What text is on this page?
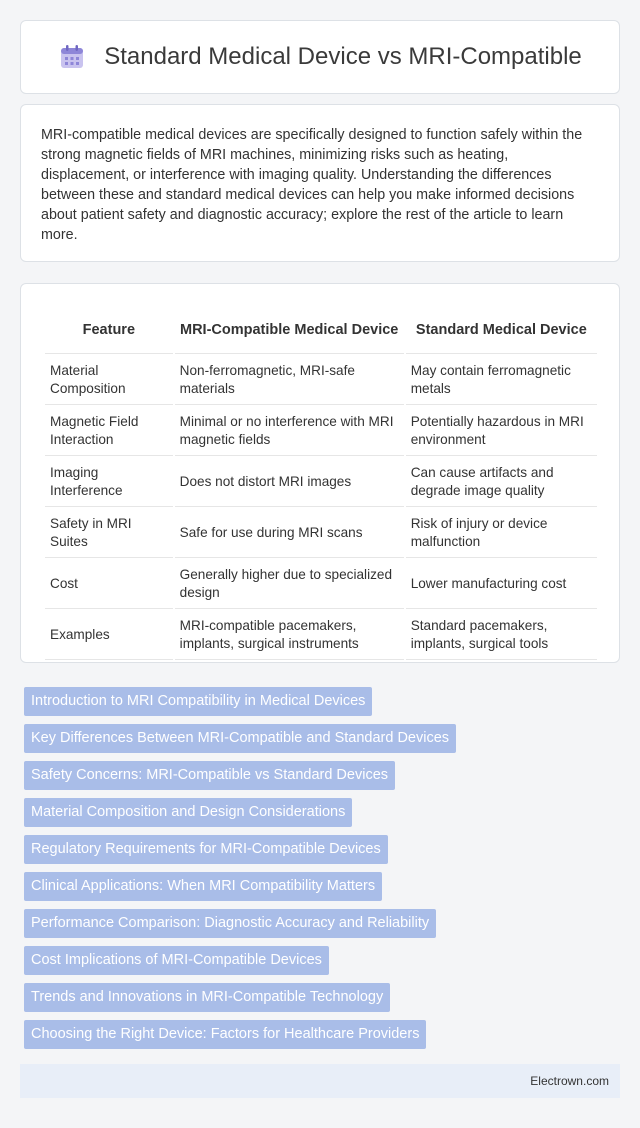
Standard Medical Device vs MRI-Compatible

MRI-compatible medical devices are specifically designed to function safely within the strong magnetic fields of MRI machines, minimizing risks such as heating, displacement, or interference with imaging quality. Understanding the differences between these and standard medical devices can help you make informed decisions about patient safety and diagnostic accuracy; explore the rest of the article to learn more.

Feature	MRI-Compatible Medical Device	Standard Medical Device
Material Composition	Non-ferromagnetic, MRI-safe materials	May contain ferromagnetic metals
Magnetic Field Interaction	Minimal or no interference with MRI magnetic fields	Potentially hazardous in MRI environment
Imaging Interference	Does not distort MRI images	Can cause artifacts and degrade image quality
Safety in MRI Suites	Safe for use during MRI scans	Risk of injury or device malfunction
Cost	Generally higher due to specialized design	Lower manufacturing cost
Examples	MRI-compatible pacemakers, implants, surgical instruments	Standard pacemakers, implants, surgical tools
Introduction to MRI Compatibility in Medical Devices
Key Differences Between MRI-Compatible and Standard Devices
Safety Concerns: MRI-Compatible vs Standard Devices
Material Composition and Design Considerations
Regulatory Requirements for MRI-Compatible Devices
Clinical Applications: When MRI Compatibility Matters
Performance Comparison: Diagnostic Accuracy and Reliability
Cost Implications of MRI-Compatible Devices
Trends and Innovations in MRI-Compatible Technology
Choosing the Right Device: Factors for Healthcare Providers
Electrown.com
